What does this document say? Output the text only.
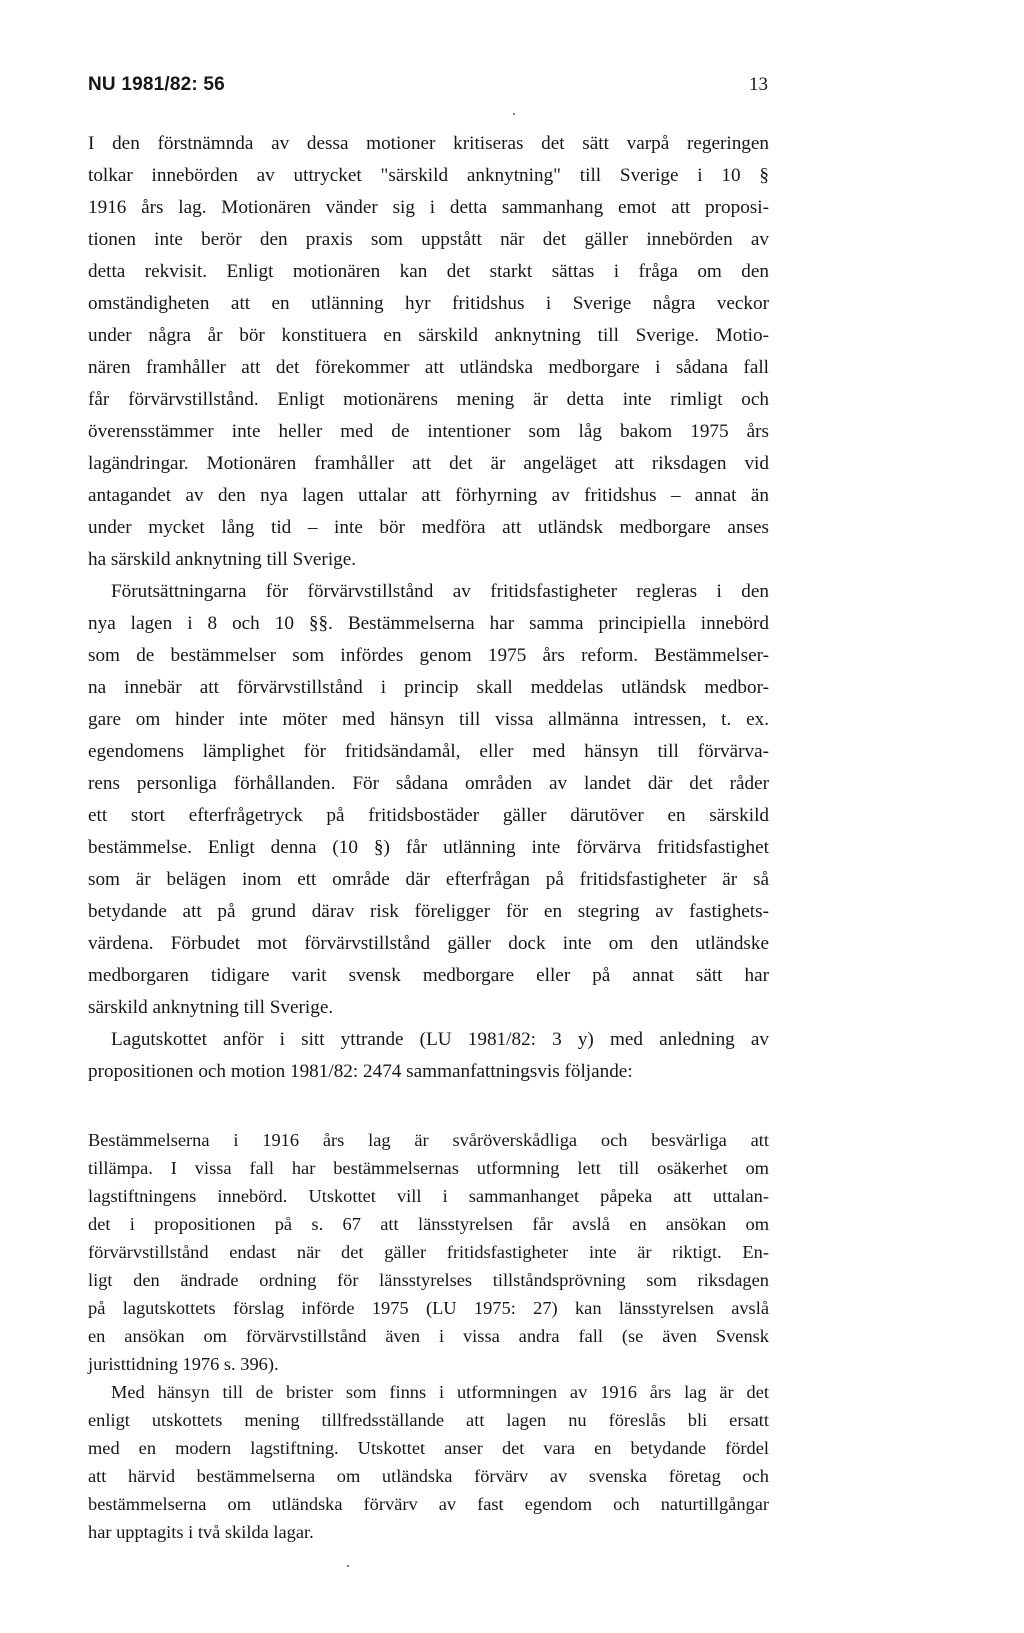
NU 1981/82: 56	13
I den förstnämnda av dessa motioner kritiseras det sätt varpå regeringen
tolkar innebörden av uttrycket "särskild anknytning" till Sverige i 10 §
1916 års lag. Motionären vänder sig i detta sammanhang emot att proposi-
tionen inte berör den praxis som uppstått när det gäller innebörden av
detta rekvisit. Enligt motionären kan det starkt sättas i fråga om den
omständigheten att en utlänning hyr fritidshus i Sverige några veckor
under några år bör konstituera en särskild anknytning till Sverige. Motio-
nären framhåller att det förekommer att utländska medborgare i sådana fall
får förvärvstillstånd. Enligt motionärens mening är detta inte rimligt och
överensstämmer inte heller med de intentioner som låg bakom 1975 års
lagändringar. Motionären framhåller att det är angeläget att riksdagen vid
antagandet av den nya lagen uttalar att förhyrning av fritidshus – annat än
under mycket lång tid – inte bör medföra att utländsk medborgare anses
ha särskild anknytning till Sverige.
Förutsättningarna för förvärvstillstånd av fritidsfastigheter regleras i den
nya lagen i 8 och 10 §§. Bestämmelserna har samma principiella innebörd
som de bestämmelser som infördes genom 1975 års reform. Bestämmelser-
na innebär att förvärvstillstånd i princip skall meddelas utländsk medbor-
gare om hinder inte möter med hänsyn till vissa allmänna intressen, t. ex.
egendomens lämplighet för fritidsändamål, eller med hänsyn till förvärva-
rens personliga förhållanden. För sådana områden av landet där det råder
ett stort efterfrågetryck på fritidsbostäder gäller därutöver en särskild
bestämmelse. Enligt denna (10 §) får utlänning inte förvärva fritidsfastighet
som är belägen inom ett område där efterfrågan på fritidsfastigheter är så
betydande att på grund därav risk föreligger för en stegring av fastighets-
värdena. Förbudet mot förvärvstillstånd gäller dock inte om den utländske
medborgaren tidigare varit svensk medborgare eller på annat sätt har
särskild anknytning till Sverige.
Lagutskottet anför i sitt yttrande (LU 1981/82: 3 y) med anledning av
propositionen och motion 1981/82: 2474 sammanfattningsvis följande:
Bestämmelserna i 1916 års lag är svåröverskådliga och besvärliga att
tillämpa. I vissa fall har bestämmelsernas utformning lett till osäkerhet om
lagstiftningens innebörd. Utskottet vill i sammanhanget påpeka att uttalan-
det i propositionen på s. 67 att länsstyrelsen får avslå en ansökan om
förvärvstillstånd endast när det gäller fritidsfastigheter inte är riktigt. En-
ligt den ändrade ordning för länsstyrelses tillståndsprövning som riksdagen
på lagutskottets förslag införde 1975 (LU 1975: 27) kan länsstyrelsen avslå
en ansökan om förvärvstillstånd även i vissa andra fall (se även Svensk
juristtidning 1976 s. 396).
Med hänsyn till de brister som finns i utformningen av 1916 års lag är det
enligt utskottets mening tillfredsställande att lagen nu föreslås bli ersatt
med en modern lagstiftning. Utskottet anser det vara en betydande fördel
att härvid bestämmelserna om utländska förvärv av svenska företag och
bestämmelserna om utländska förvärv av fast egendom och naturtillgångar
har upptagits i två skilda lagar.
